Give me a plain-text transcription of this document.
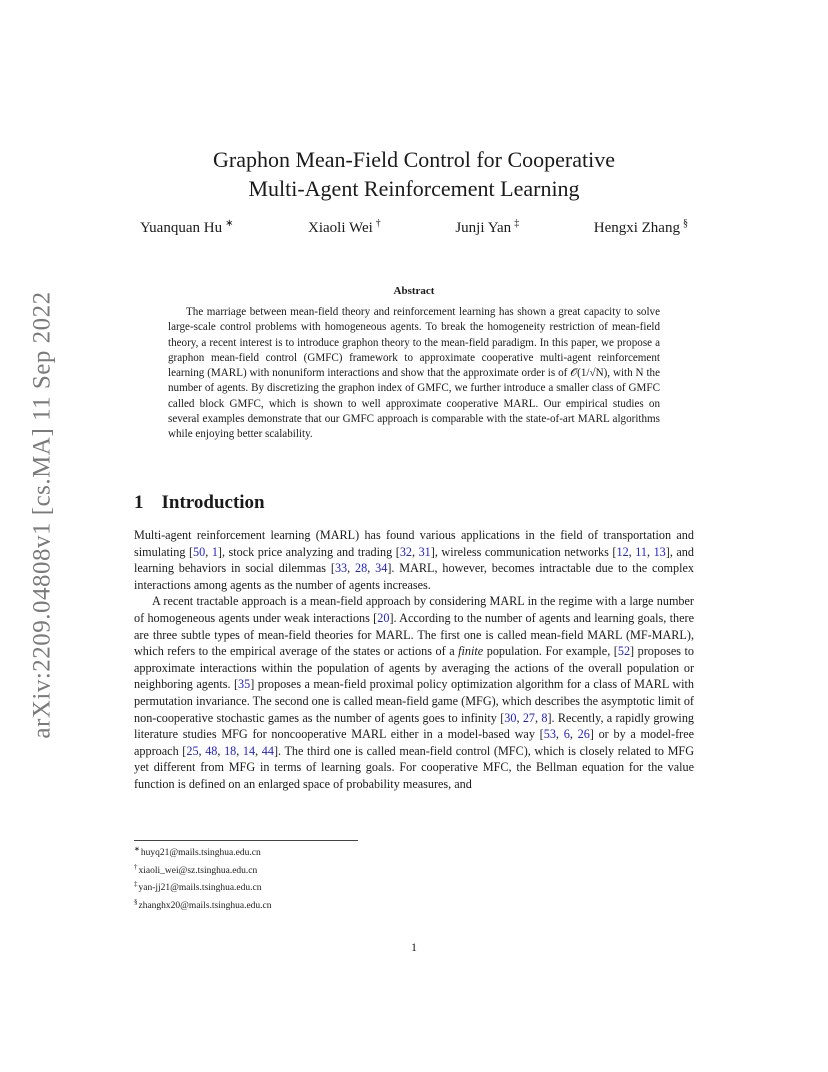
arXiv:2209.04808v1 [cs.MA] 11 Sep 2022
Graphon Mean-Field Control for Cooperative
Multi-Agent Reinforcement Learning
Yuanquan Hu ∗	Xiaoli Wei †	Junji Yan ‡	Hengxi Zhang §
Abstract

The marriage between mean-field theory and reinforcement learning has shown a great capacity to solve large-scale control problems with homogeneous agents. To break the homogeneity restriction of mean-field theory, a recent interest is to introduce graphon theory to the mean-field paradigm. In this paper, we propose a graphon mean-field control (GMFC) framework to approximate cooperative multi-agent reinforcement learning (MARL) with nonuniform interactions and show that the approximate order is of 𝒪(1/√N), with N the number of agents. By discretizing the graphon index of GMFC, we further introduce a smaller class of GMFC called block GMFC, which is shown to well approximate cooperative MARL. Our empirical studies on several examples demonstrate that our GMFC approach is comparable with the state-of-art MARL algorithms while enjoying better scalability.

1 Introduction

Multi-agent reinforcement learning (MARL) has found various applications in the field of transportation and simulating [50, 1], stock price analyzing and trading [32, 31], wireless communication networks [12, 11, 13], and learning behaviors in social dilemmas [33, 28, 34]. MARL, however, becomes intractable due to the complex interactions among agents as the number of agents increases.

A recent tractable approach is a mean-field approach by considering MARL in the regime with a large number of homogeneous agents under weak interactions [20]. According to the number of agents and learning goals, there are three subtle types of mean-field theories for MARL. The first one is called mean-field MARL (MF-MARL), which refers to the empirical average of the states or actions of a finite population. For example, [52] proposes to approximate interactions within the population of agents by averaging the actions of the overall population or neighboring agents. [35] proposes a mean-field proximal policy optimization algorithm for a class of MARL with permutation invariance. The second one is called mean-field game (MFG), which describes the asymptotic limit of non-cooperative stochastic games as the number of agents goes to infinity [30, 27, 8]. Recently, a rapidly growing literature studies MFG for noncooperative MARL either in a model-based way [53, 6, 26] or by a model-free approach [25, 48, 18, 14, 44]. The third one is called mean-field control (MFC), which is closely related to MFG yet different from MFG in terms of learning goals. For cooperative MFC, the Bellman equation for the value function is defined on an enlarged space of probability measures, and

∗huyq21@mails.tsinghua.edu.cn
†xiaoli_wei@sz.tsinghua.edu.cn
‡yan-jj21@mails.tsinghua.edu.cn
§zhanghx20@mails.tsinghua.edu.cn
1
